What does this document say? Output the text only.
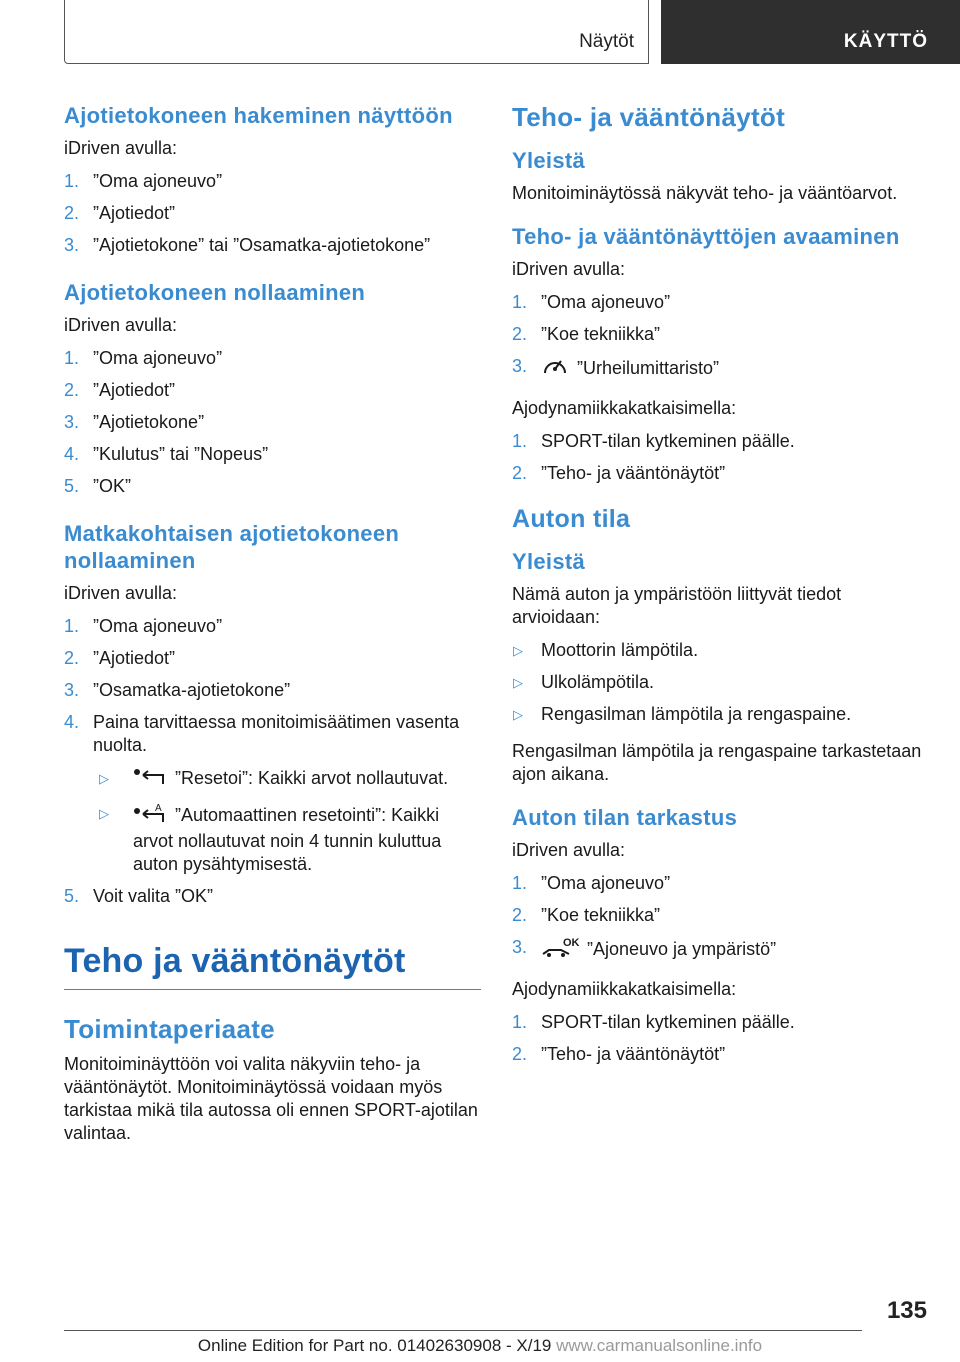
Näytöt	KÄYTTÖ
Ajotietokoneen hakeminen näyttöön

iDriven avulla:

1. ”Oma ajoneuvo”
2. ”Ajotiedot”
3. ”Ajotietokone” tai ”Osamatka-ajotietokone”
Ajotietokoneen nollaaminen

iDriven avulla:

1. ”Oma ajoneuvo”
2. ”Ajotiedot”
3. ”Ajotietokone”
4. ”Kulutus” tai ”Nopeus”
5. ”OK”
Matkakohtaisen ajotietokoneen nollaaminen

iDriven avulla:

1. ”Oma ajoneuvo”
2. ”Ajotiedot”
3. ”Osamatka-ajotietokone”
4. Paina tarvittaessa monitoimisäätimen vasenta nuolta.
▷	”Resetoi”: Kaikki arvot nollautuvat.
▷	A ”Automaattinen resetointi”: Kaikki arvot nollautuvat noin 4 tunnin kuluttua auton pysähtymisestä.
5. Voit valita ”OK”
Teho ja vääntönäytöt
Toimintaperiaate

Monitoiminäyttöön voi valita näkyviin teho- ja vääntönäytöt. Monitoiminäytössä voidaan myös tarkistaa mikä tila autossa oli ennen SPORT-ajotilan valintaa.

Teho- ja vääntönäytöt
Yleistä

Monitoiminäytössä näkyvät teho- ja vääntöarvot.

Teho- ja vääntönäyttöjen avaaminen

iDriven avulla:

1. ”Oma ajoneuvo”
2. ”Koe tekniikka”
3.	”Urheilumittaristo”

Ajodynamiikkakatkaisimella:

1. SPORT-tilan kytkeminen päälle.
2. ”Teho- ja vääntönäytöt”
Auton tila
Yleistä

Nämä auton ja ympäristöön liittyvät tiedot arvioidaan:

▷ Moottorin lämpötila.
▷ Ulkolämpötila.
▷ Rengasilman lämpötila ja rengaspaine.

Rengasilman lämpötila ja rengaspaine tarkastetaan ajon aikana.

Auton tilan tarkastus

iDriven avulla:

1. ”Oma ajoneuvo”
2. ”Koe tekniikka”
3.	OK ”Ajoneuvo ja ympäristö”

Ajodynamiikkakatkaisimella:

1. SPORT-tilan kytkeminen päälle.
2. ”Teho- ja vääntönäytöt”
135
Online Edition for Part no. 01402630908 - X/19 www.carmanualsonline.info
